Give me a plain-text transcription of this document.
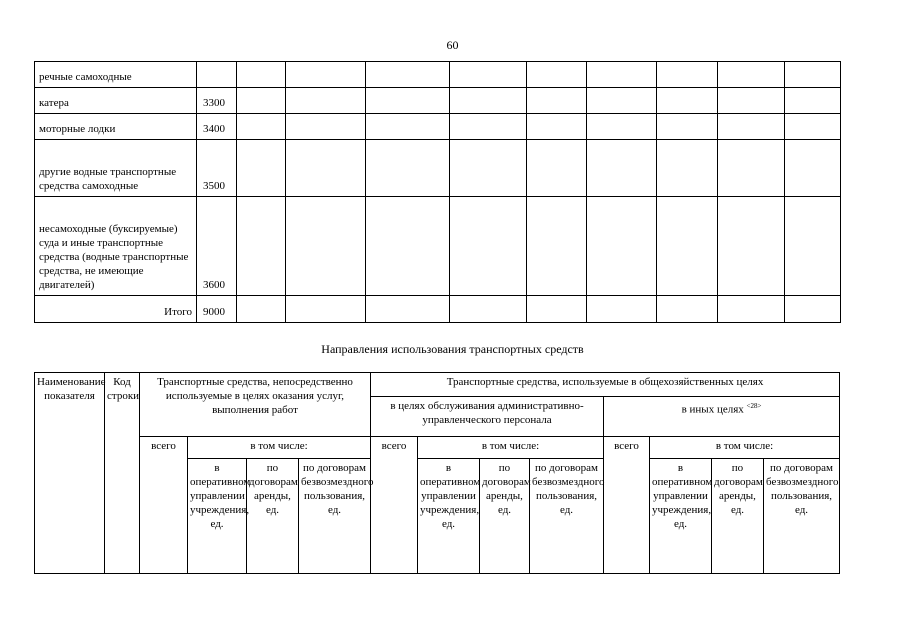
60
речные самоходные										
катера	3300									
моторные лодки	3400									
другие водные транспортные средства самоходные	3500									
несамоходные (буксируемые) суда и иные транспортные средства (водные транспортные средства, не имеющие двигателей)	3600									
Итого	9000									
Направления использования транспортных средств
Наименование показателя	Код строки	Транспортные средства, непосредственно используемые в целях оказания услуг, выполнения работ				Транспортные средства, используемые в общехозяйственных целях							
						в целях обслуживания административно-управленческого персонала				в иных целях $^{<28>}$
		всего	в том числе:			всего	в том числе:			всего	в том числе:		
			в оперативном управлении учреждения, ед.	по договорам аренды, ед.	по договорам безвозмездного пользования, ед.		в оперативном управлении учреждения, ед.	по договорам аренды, ед.	по договорам безвозмездного пользования, ед.		в оперативном управлении учреждения, ед.	по договорам аренды, ед.	по договорам безвозмездного пользования, ед.
